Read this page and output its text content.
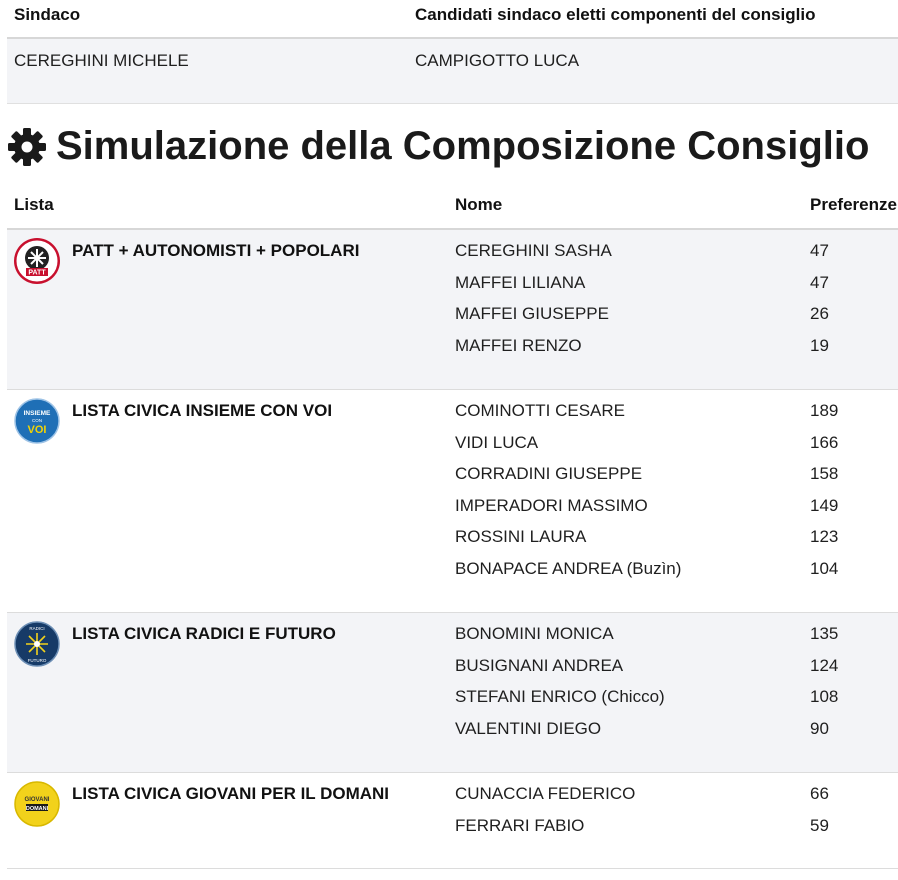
Sindaco	Candidati sindaco eletti componenti del consiglio
CEREGHINI MICHELE	CAMPIGOTTO LUCA
Simulazione della Composizione Consiglio
Lista	Nome	Preferenze
PATT
PATT + AUTONOMISTI + POPOLARI	CEREGHINI SASHA	47
MAFFEI LILIANA	47
MAFFEI GIUSEPPE	26
MAFFEI RENZO	19
INSIEME
CON
VOI
LISTA CIVICA INSIEME CON VOI	COMINOTTI CESARE	189
VIDI LUCA	166
CORRADINI GIUSEPPE	158
IMPERADORI MASSIMO	149
ROSSINI LAURA	123
BONAPACE ANDREA (Buzìn)	104
RADICI
FUTURO
LISTA CIVICA RADICI E FUTURO	BONOMINI MONICA	135
BUSIGNANI ANDREA	124
STEFANI ENRICO (Chicco)	108
VALENTINI DIEGO	90
GIOVANI
DOMANI
LISTA CIVICA GIOVANI PER IL DOMANI	CUNACCIA FEDERICO	66
FERRARI FABIO	59
